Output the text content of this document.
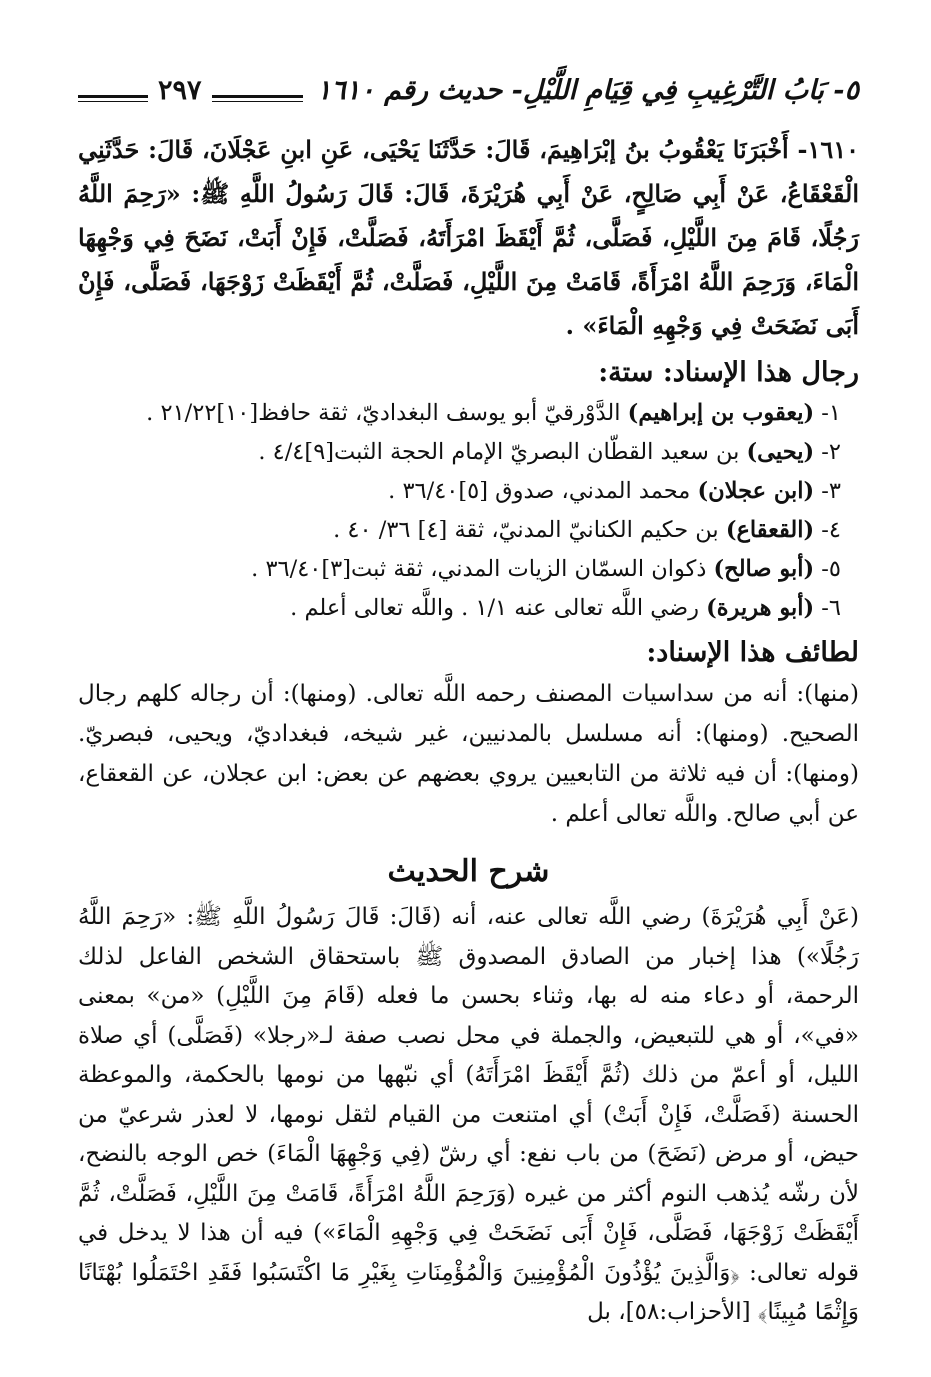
٥- بَابُ التَّرْغِيبِ فِي قِيَامِ اللَّيْلِ- حديث رقم ١٦١٠
٢٩٧
١٦١٠- أَخْبَرَنَا يَعْقُوبُ بنُ إبْرَاهِيمَ، قَالَ: حَدَّثَنَا يَحْيَى، عَنِ ابنِ عَجْلَانَ، قَالَ: حَدَّثَنِي الْقَعْقَاعُ، عَنْ أَبِي صَالِحٍ، عَنْ أَبِي هُرَيْرَةَ، قَالَ: قَالَ رَسُولُ اللَّهِ ﷺ: «رَحِمَ اللَّهُ رَجُلًا، قَامَ مِنَ اللَّيْلِ، فَصَلَّى، ثُمَّ أَيْقَظَ امْرَأَتَهُ، فَصَلَّتْ، فَإِنْ أَبَتْ، نَضَحَ فِي وَجْهِهَا الْمَاءَ، وَرَحِمَ اللَّهُ امْرَأَةً، قَامَتْ مِنَ اللَّيْلِ، فَصَلَّتْ، ثُمَّ أَيْقَظَتْ زَوْجَهَا، فَصَلَّى، فَإِنْ أَبَى نَضَحَتْ فِي وَجْهِهِ الْمَاءَ» .
رجال هذا الإسناد: ستة:
١- (يعقوب بن إبراهيم) الدَّوْرقيّ أبو يوسف البغداديّ، ثقة حافظ[١٠]٢١/٢٢ .
٢- (يحيى) بن سعيد القطّان البصريّ الإمام الحجة الثبت[٩]٤/٤ .
٣- (ابن عجلان) محمد المدني، صدوق [٥]٣٦/٤٠ .
٤- (القعقاع) بن حكيم الكنانيّ المدنيّ، ثقة [٤] ٣٦/ ٤٠ .
٥- (أبو صالح) ذكوان السمّان الزيات المدني، ثقة ثبت[٣]٣٦/٤٠ .
٦- (أبو هريرة) رضي اللَّه تعالى عنه ١/١ . واللَّه تعالى أعلم .
لطائف هذا الإسناد:
(منها): أنه من سداسيات المصنف رحمه اللَّه تعالى. (ومنها): أن رجاله كلهم رجال الصحيح. (ومنها): أنه مسلسل بالمدنيين، غير شيخه، فبغداديّ، ويحيى، فبصريّ. (ومنها): أن فيه ثلاثة من التابعيين يروي بعضهم عن بعض: ابن عجلان، عن القعقاع، عن أبي صالح. واللَّه تعالى أعلم .
شرح الحديث
(عَنْ أَبِي هُرَيْرَةَ) رضي اللَّه تعالى عنه، أنه (قَالَ: قَالَ رَسُولُ اللَّهِ ﷺ: «رَحِمَ اللَّهُ رَجُلًا») هذا إخبار من الصادق المصدوق ﷺ باستحقاق الشخص الفاعل لذلك الرحمة، أو دعاء منه له بها، وثناء بحسن ما فعله (قَامَ مِنَ اللَّيْلِ) «من» بمعنى «في»، أو هي للتبعيض، والجملة في محل نصب صفة لـ«رجلا» (فَصَلَّى) أي صلاة الليل، أو أعمّ من ذلك (ثُمَّ أَيْقَظَ امْرَأَتَهُ) أي نبّهها من نومها بالحكمة، والموعظة الحسنة (فَصَلَّتْ، فَإِنْ أَبَتْ) أي امتنعت من القيام لثقل نومها، لا لعذر شرعيّ من حيض، أو مرض (نَضَحَ) من باب نفع: أي رشّ (فِي وَجْهِهَا الْمَاءَ) خص الوجه بالنضح، لأن رشّه يُذهب النوم أكثر من غيره (وَرَحِمَ اللَّهُ امْرَأَةً، قَامَتْ مِنَ اللَّيْلِ، فَصَلَّتْ، ثُمَّ أَيْقَظَتْ زَوْجَهَا، فَصَلَّى، فَإِنْ أَبَى نَضَحَتْ فِي وَجْهِهِ الْمَاءَ») فيه أن هذا لا يدخل في قوله تعالى: ﴿وَالَّذِينَ يُؤْذُونَ الْمُؤْمِنِينَ وَالْمُؤْمِنَاتِ بِغَيْرِ مَا اكْتَسَبُوا فَقَدِ احْتَمَلُوا بُهْتَانًا وَإِثْمًا مُبِينًا﴾ [الأحزاب:٥٨]، بل
